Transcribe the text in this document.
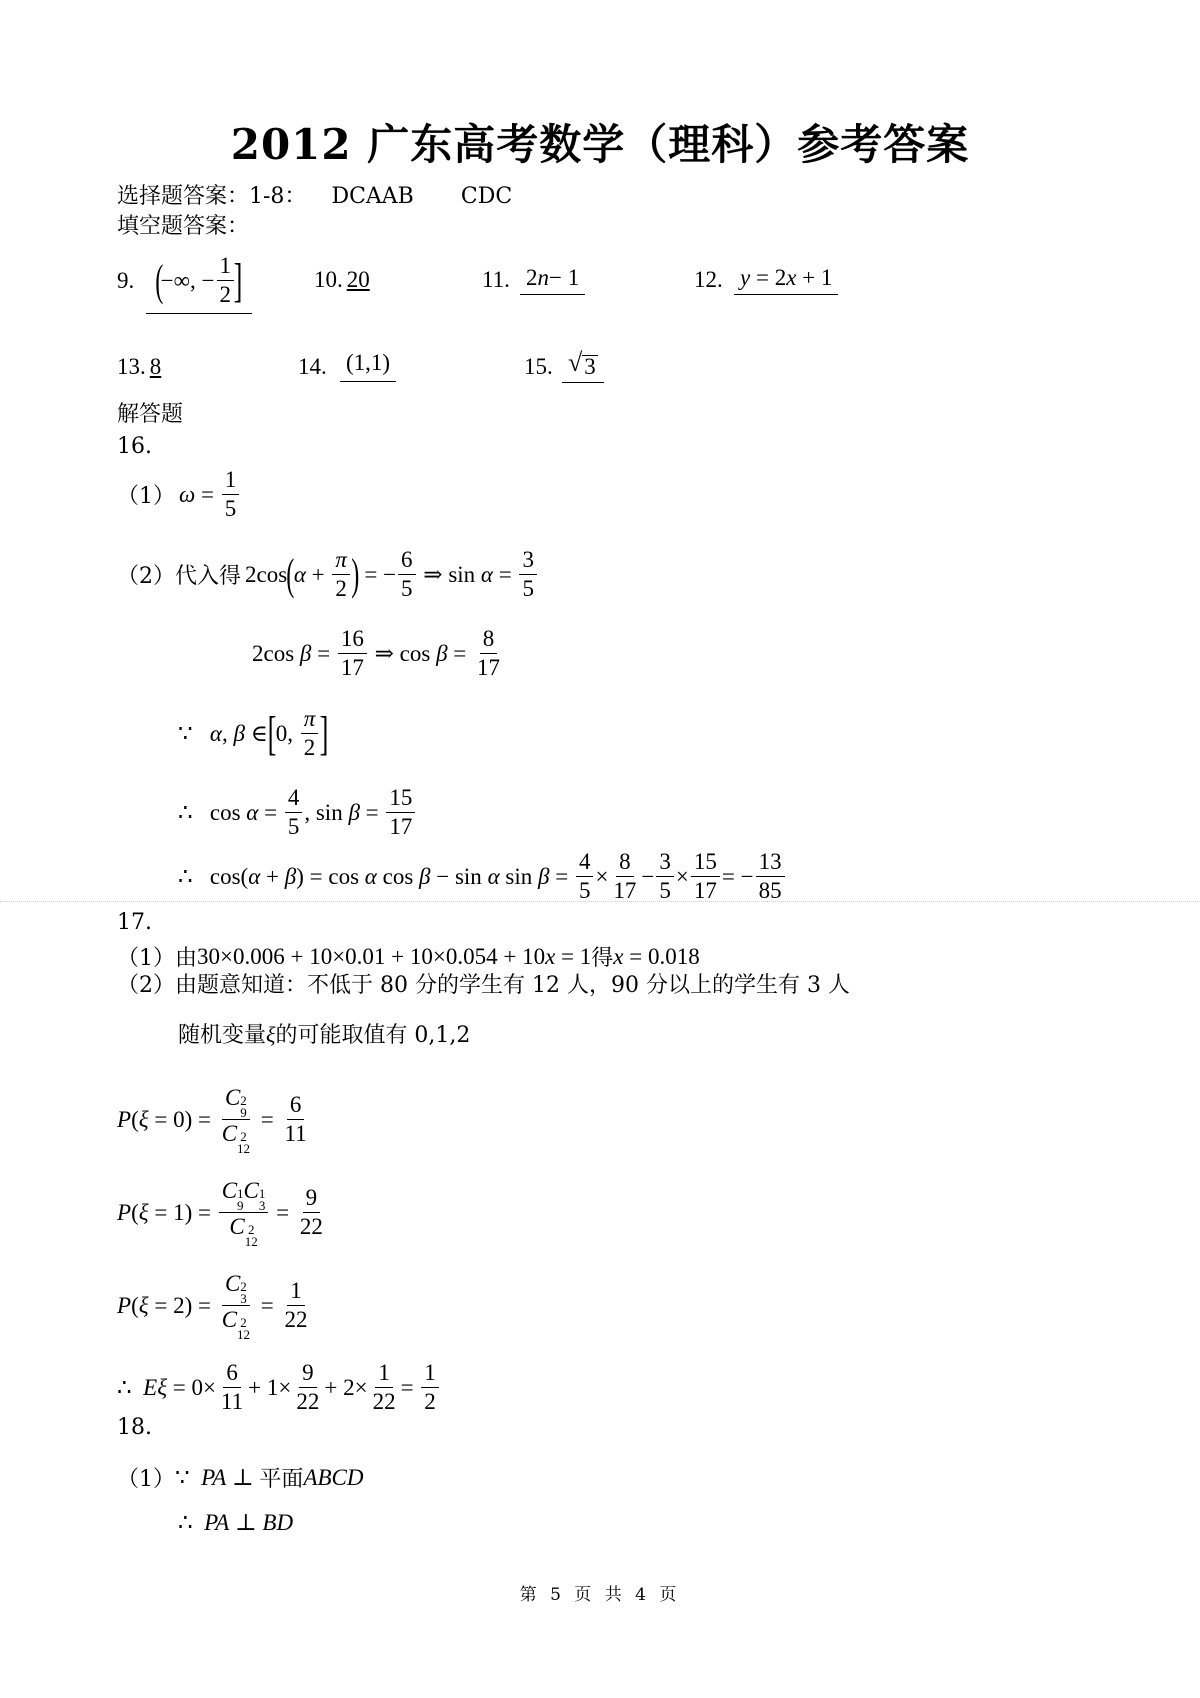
2012 广东高考数学（理科）参考答案
选择题答案：1-8： DCAAB CDC
填空题答案：
9. (
−∞, − $\frac{1}{2}$ ]	10. 20	11. 2 n − 1	12. y = 2 x + 1
13. 8	14. (1,1)	15. √ 3
解答题
16.
（1） $\omega = \frac{1}{5}$
（2） 代入得 2cos ( $\alpha + \frac{\pi}{2}$ ) = − $\frac{6}{5}$ ⇒ $\sin \alpha = \frac{3}{5}$
2cos $\beta = \frac{16}{17}$ ⇒ $\cos \beta = \frac{8}{17}$
∵ α , β ∈ [ 0, $\frac{\pi}{2}$ ]
∴   $\cos \alpha = \frac{4}{5}$ , $\sin \beta = \frac{15}{17}$
∴   cos( α + β ) = cos α cos β − sin α $\sin \beta = \frac{4}{5} \times \frac{8}{17} - \frac{3}{5} \times \frac{15}{17}$ = − $\frac{13}{85}$
17.
（1）由 30×0.006 + 10×0.01 + 10×0.054 + 10 x = 1 得 x = 0.018
（2）由题意知道：不低于 80 分的学生有 12 人，90 分以上的学生有 3 人
随机变量ξ的可能取值有 0,1,2
P ( ξ = 0) = C 2
9
C 2
$12 = \frac{6}{11}$
P ( ξ = 1) = C 1
9
C 1
3
C 2
$12 = \frac{9}{22}$
P ( ξ = 2) = C 2
3
C 2
$12 = \frac{1}{22}$
∴ $E\xi = 0\times \frac{6}{11} + 1\times \frac{9}{22} + 2\times \frac{1}{22} = \frac{1}{2}$
18.
（1） ∵ PA ⊥ 平面 ABCD
∴ PA ⊥ BD
第 5 页 共 4 页
